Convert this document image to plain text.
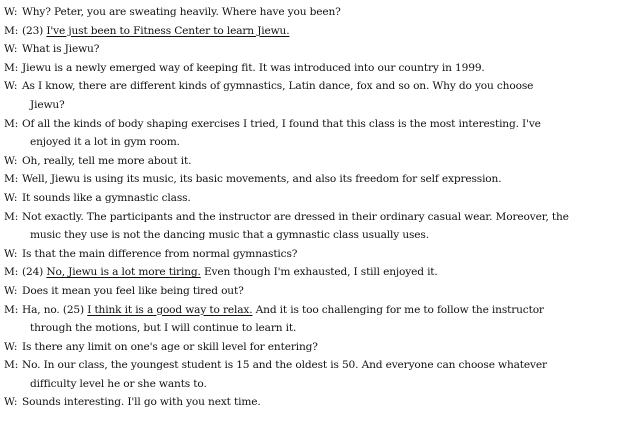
W: Why? Peter, you are sweating heavily. Where have you been?
M: (23) I've just been to Fitness Center to learn Jiewu.
W: What is Jiewu?
M: Jiewu is a newly emerged way of keeping fit. It was introduced into our country in 1999.
W: As I know, there are different kinds of gymnastics, Latin dance, fox and so on. Why do you choose
Jiewu?
M: Of all the kinds of body shaping exercises I tried, I found that this class is the most interesting. I've
enjoyed it a lot in gym room.
W: Oh, really, tell me more about it.
M: Well, Jiewu is using its music, its basic movements, and also its freedom for self expression.
W: It sounds like a gymnastic class.
M: Not exactly. The participants and the instructor are dressed in their ordinary casual wear. Moreover, the
music they use is not the dancing music that a gymnastic class usually uses.
W: Is that the main difference from normal gymnastics?
M: (24) No, Jiewu is a lot more tiring. Even though I'm exhausted, I still enjoyed it.
W: Does it mean you feel like being tired out?
M: Ha, no. (25) I think it is a good way to relax. And it is too challenging for me to follow the instructor
through the motions, but I will continue to learn it.
W: Is there any limit on one's age or skill level for entering?
M: No. In our class, the youngest student is 15 and the oldest is 50. And everyone can choose whatever
difficulty level he or she wants to.
W: Sounds interesting. I'll go with you next time.
